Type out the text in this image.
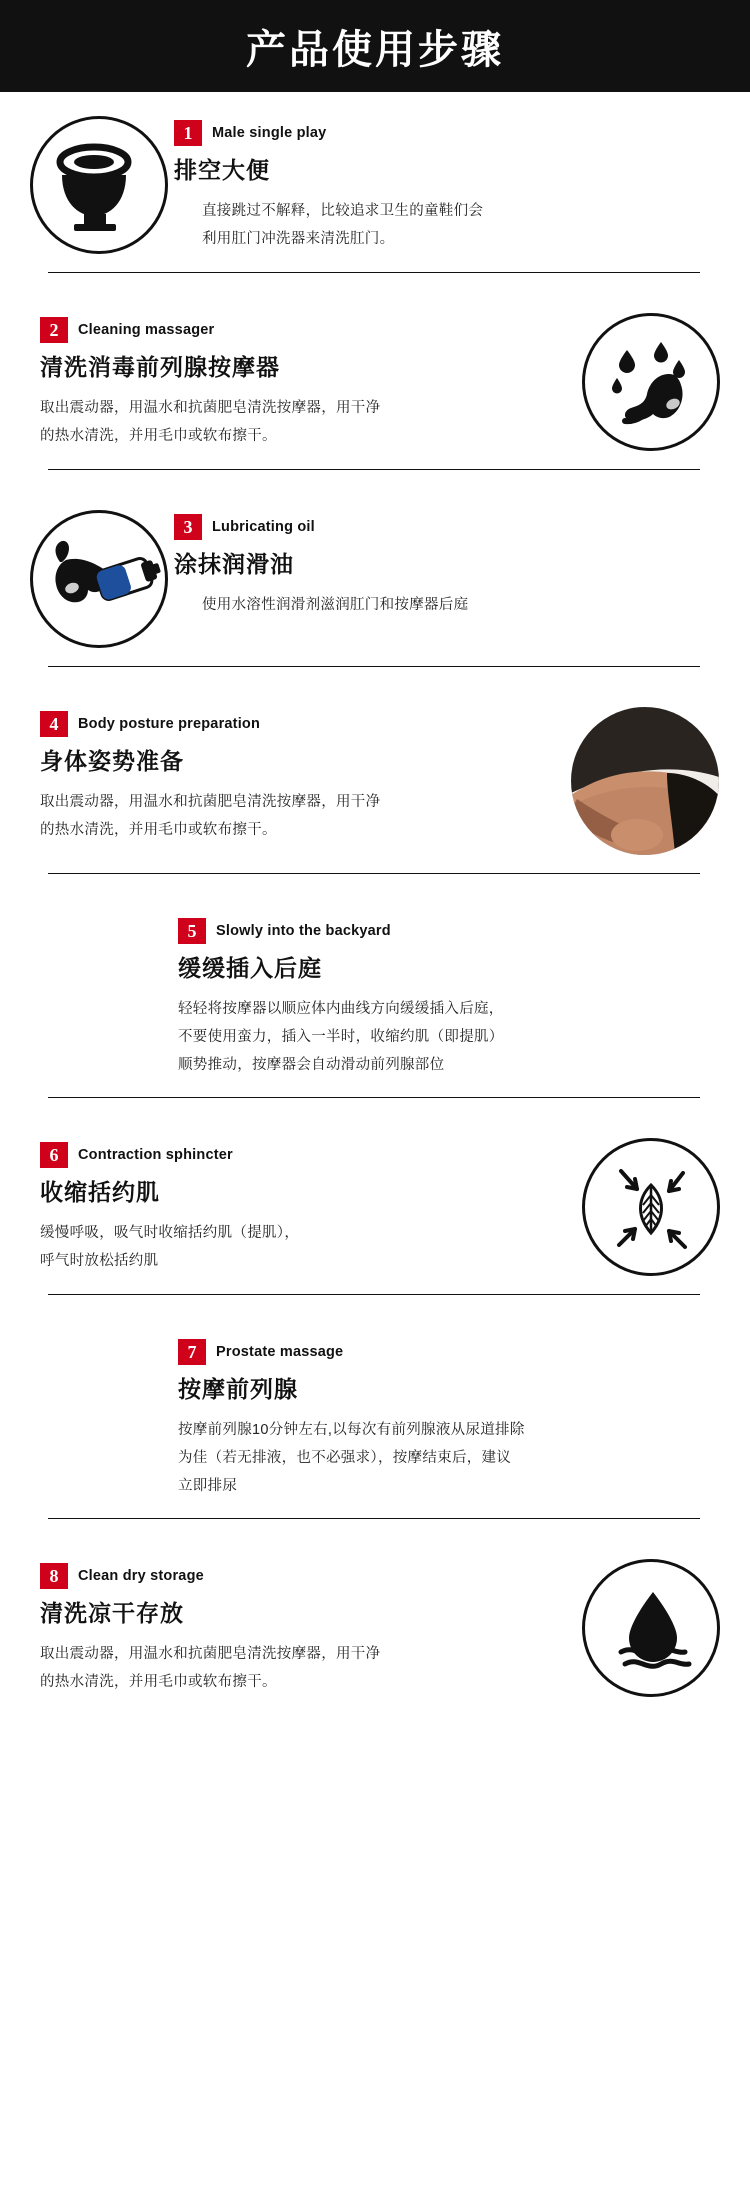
产品使用步骤
1	Male single play
排空大便

直接跳过不解释，比较追求卫生的童鞋们会

利用肛门冲洗器来清洗肛门。

2	Cleaning massager
清洗消毒前列腺按摩器

取出震动器，用温水和抗菌肥皂清洗按摩器，用干净

的热水清洗，并用毛巾或软布擦干。

3	Lubricating oil
涂抹润滑油

使用水溶性润滑剂滋润肛门和按摩器后庭

4	Body posture preparation
身体姿势准备

取出震动器，用温水和抗菌肥皂清洗按摩器，用干净

的热水清洗，并用毛巾或软布擦干。

5	Slowly into the backyard
缓缓插入后庭

轻轻将按摩器以顺应体内曲线方向缓缓插入后庭，

不要使用蛮力，插入一半时，收缩约肌（即提肌）

顺势推动，按摩器会自动滑动前列腺部位

6	Contraction sphincter
收缩括约肌

缓慢呼吸，吸气时收缩括约肌（提肌），

呼气时放松括约肌

7	Prostate massage
按摩前列腺

按摩前列腺10分钟左右,以每次有前列腺液从尿道排除

为佳（若无排液，也不必强求），按摩结束后，建议

立即排尿

8	Clean dry storage
清洗凉干存放

取出震动器，用温水和抗菌肥皂清洗按摩器，用干净

的热水清洗，并用毛巾或软布擦干。
